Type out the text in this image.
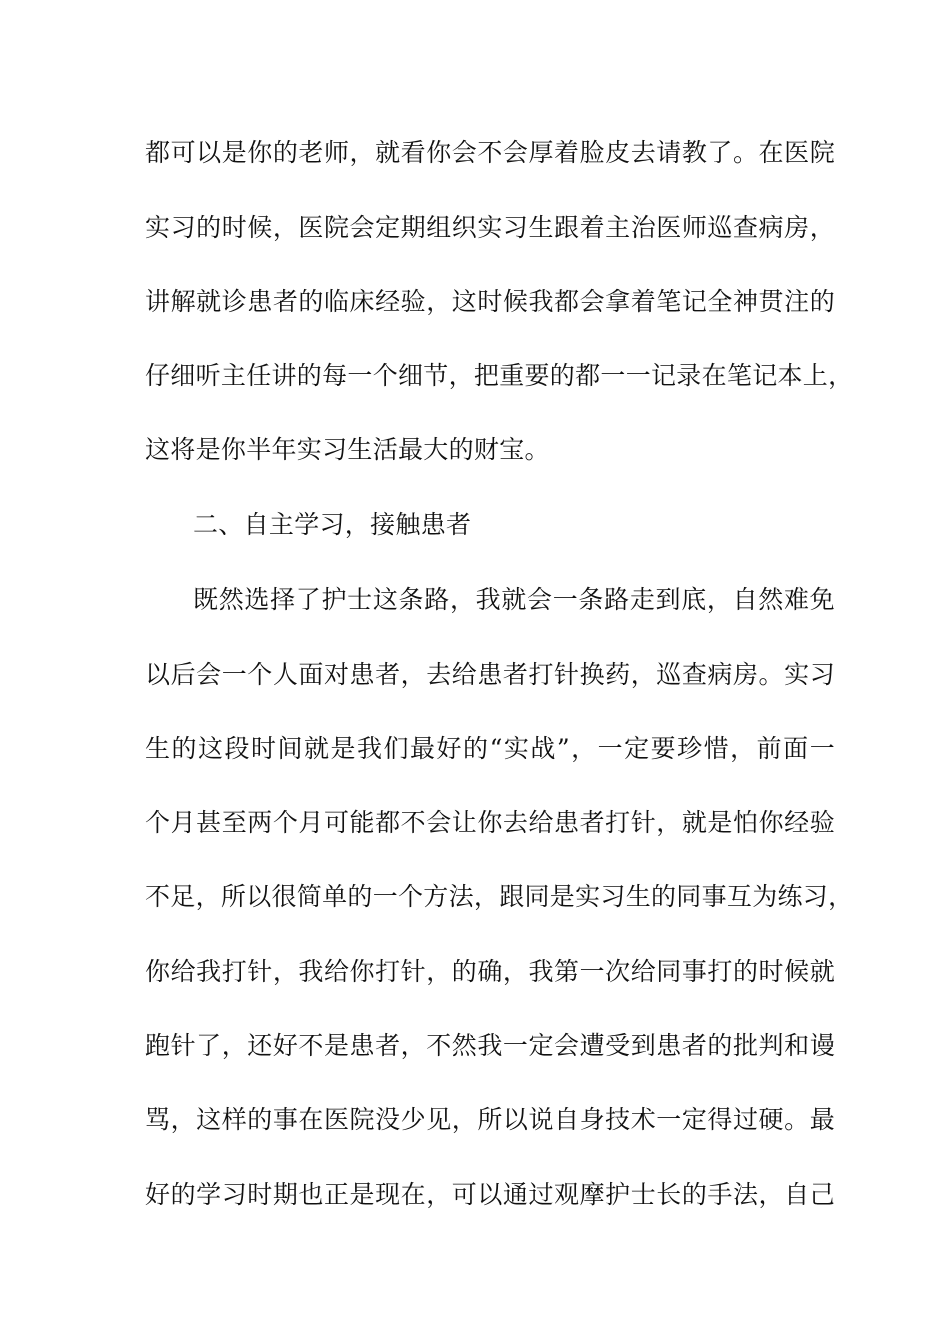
都可以是你的老师，就看你会不会厚着脸皮去请教了。在医院

实习的时候，医院会定期组织实习生跟着主治医师巡查病房，

讲解就诊患者的临床经验，这时候我都会拿着笔记全神贯注的

仔细听主任讲的每一个细节，把重要的都一一记录在笔记本上，

这将是你半年实习生活最大的财宝。

二、自主学习，接触患者

既然选择了护士这条路，我就会一条路走到底，自然难免

以后会一个人面对患者，去给患者打针换药，巡查病房。实习

生的这段时间就是我们最好的“实战”，一定要珍惜，前面一

个月甚至两个月可能都不会让你去给患者打针，就是怕你经验

不足，所以很简单的一个方法，跟同是实习生的同事互为练习，

你给我打针，我给你打针，的确，我第一次给同事打的时候就

跑针了，还好不是患者，不然我一定会遭受到患者的批判和谩

骂，这样的事在医院没少见，所以说自身技术一定得过硬。最

好的学习时期也正是现在，可以通过观摩护士长的手法，自己
